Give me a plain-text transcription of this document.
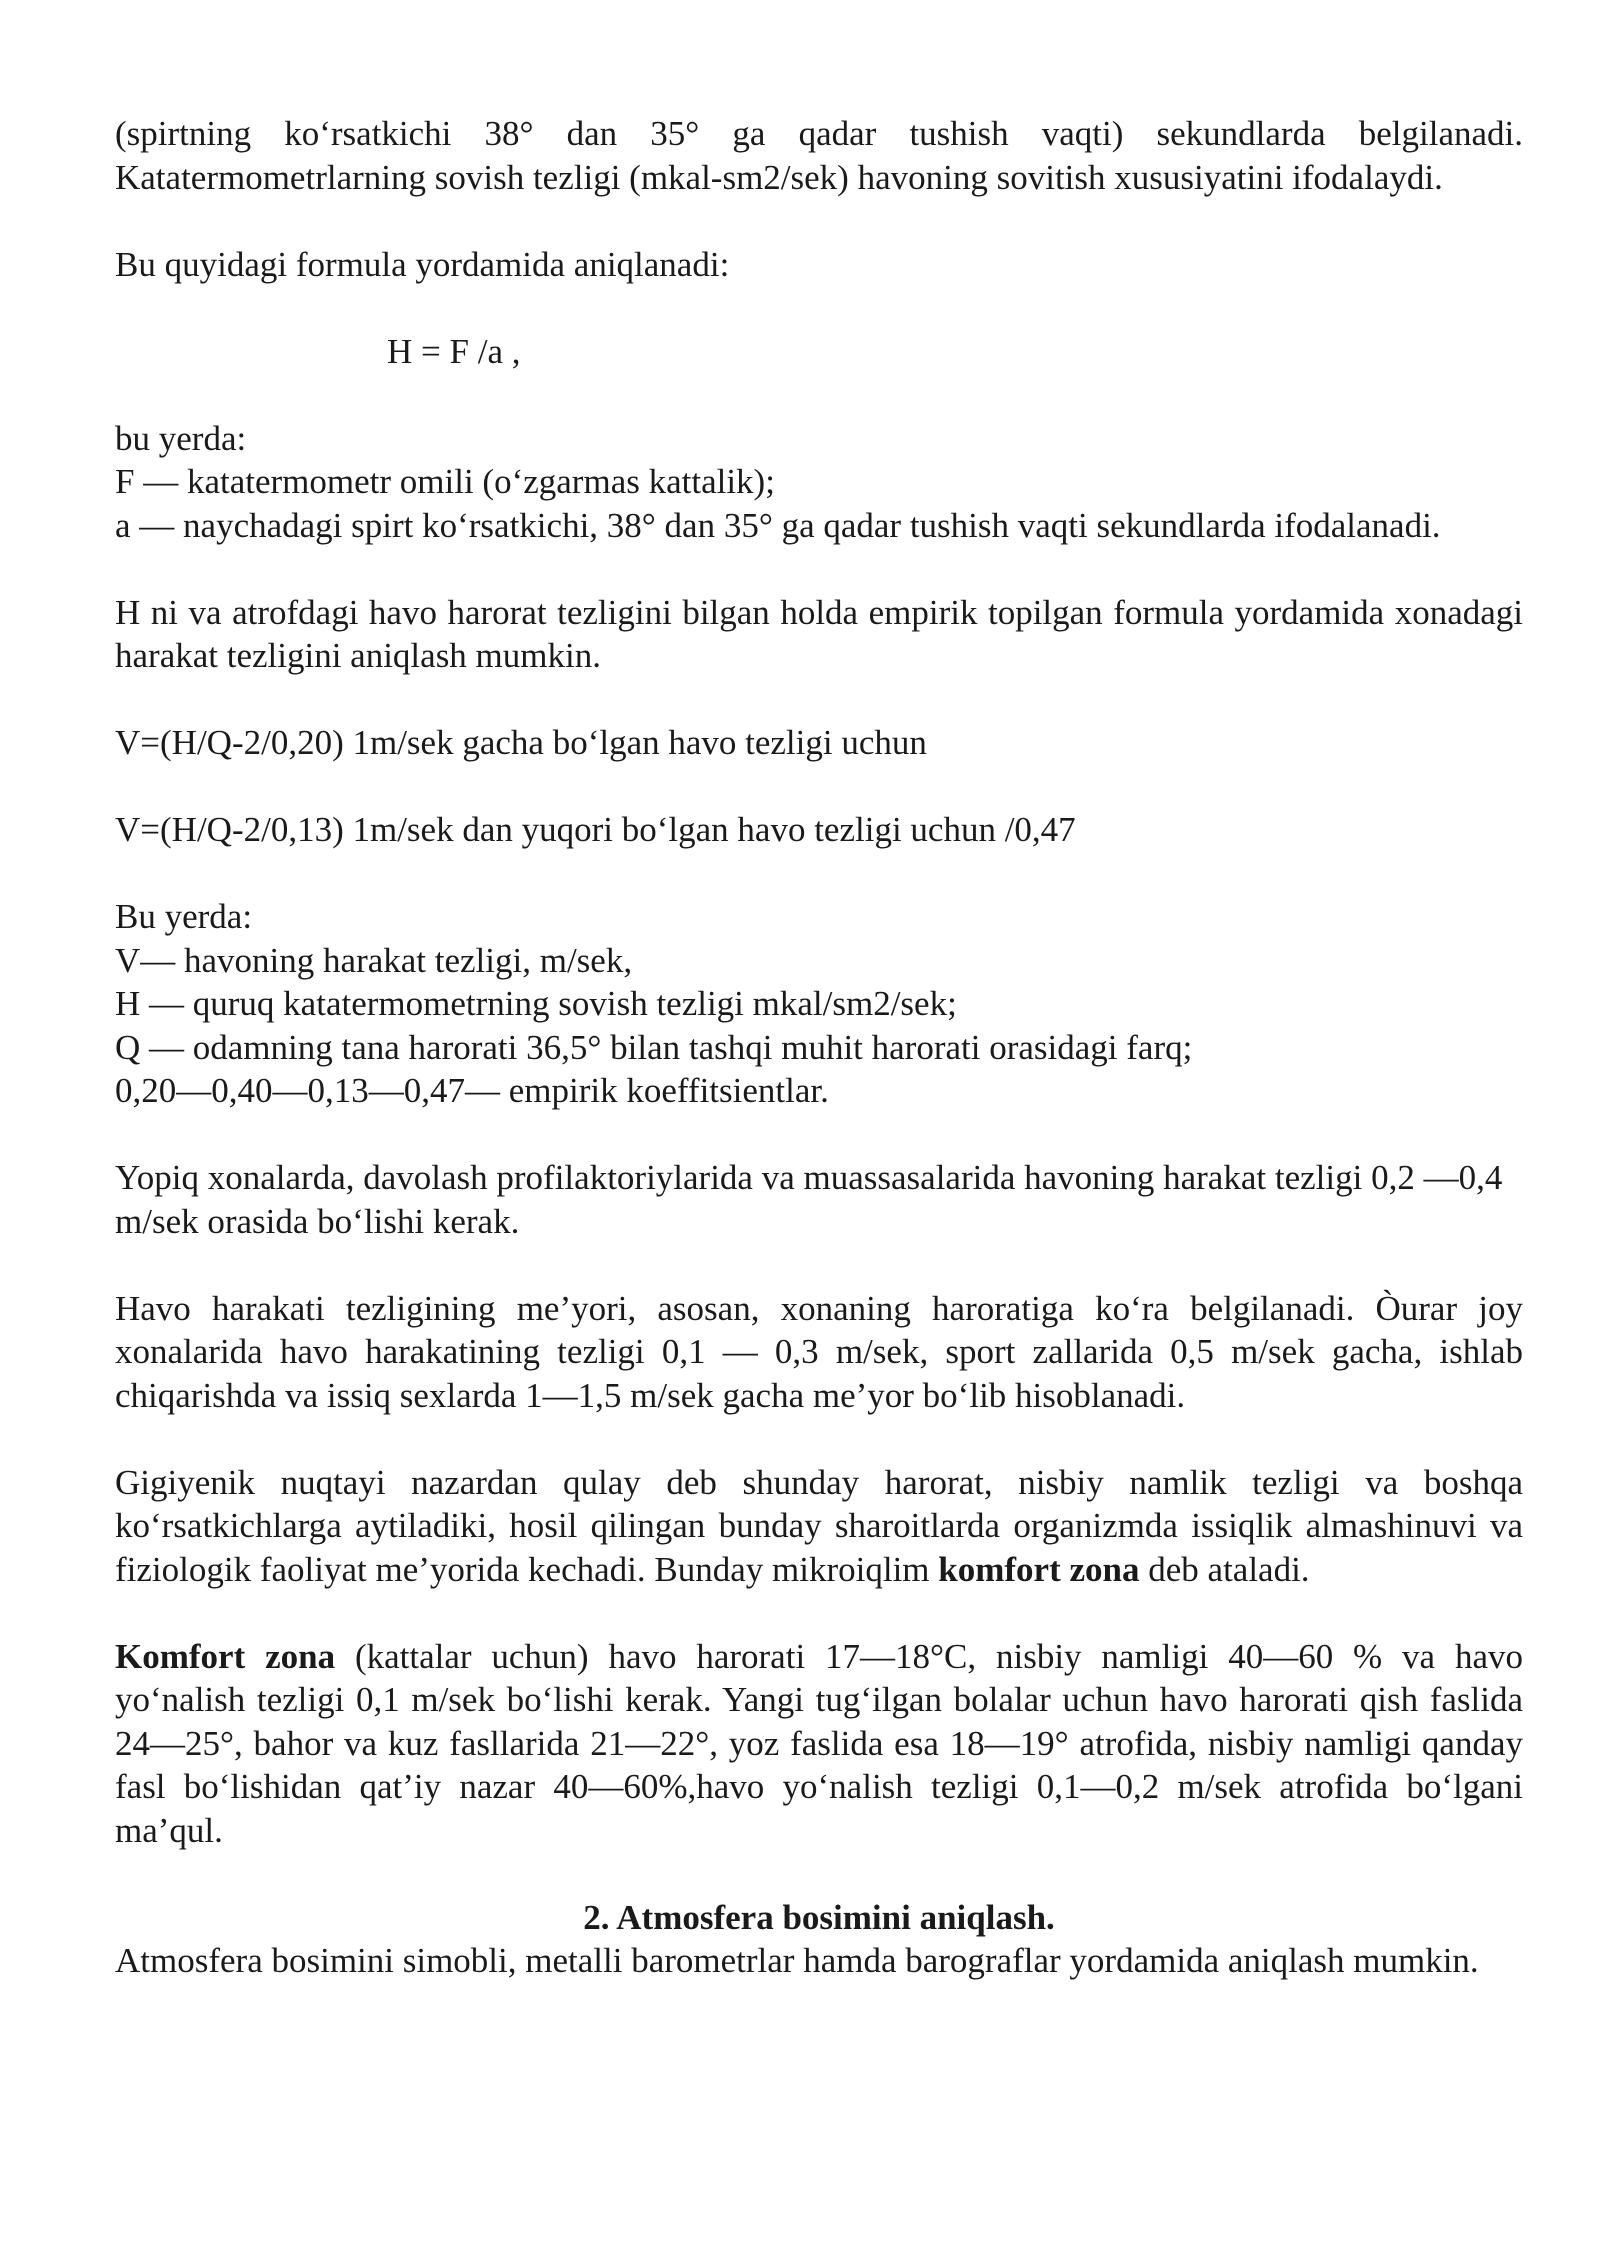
(spirtning ko‘rsatkichi 38° dan 35° ga qadar tushish vaqti) sekundlarda belgilanadi. Katatermometrlarning sovish tezligi (mkal-sm2/sek) havoning sovitish xususiyatini ifodalaydi.

Bu quyidagi formula yordamida aniqlanadi:

H = F /a ,

bu yerda:

F — katatermometr omili (o‘zgarmas kattalik);

a — naychadagi spirt ko‘rsatkichi, 38° dan 35° ga qadar tushish vaqti sekundlarda ifodalanadi.

H ni va atrofdagi havo harorat tezligini bilgan holda empirik topilgan formula yordamida xonadagi harakat tezligini aniqlash mumkin.

V=(H/Q-2/0,20) 1m/sek gacha bo‘lgan havo tezligi uchun

V=(H/Q-2/0,13) 1m/sek dan yuqori bo‘lgan havo tezligi uchun /0,47

Bu yerda:

V— havoning harakat tezligi, m/sek,

H — quruq katatermometrning sovish tezligi mkal/sm2/sek;

Q — odamning tana harorati 36,5° bilan tashqi muhit harorati orasidagi farq;

0,20—0,40—0,13—0,47— empirik koeffitsientlar.

Yopiq xonalarda, davolash profilaktoriylarida va muassasalarida havoning harakat tezligi 0,2 —0,4 m/sek orasida bo‘lishi kerak.

Havo harakati tezligining me’yori, asosan, xonaning haroratiga ko‘ra belgilanadi. Òurar joy xonalarida havo harakatining tezligi 0,1 — 0,3 m/sek, sport zallarida 0,5 m/sek gacha, ishlab chiqarishda va issiq sexlarda 1—1,5 m/sek gacha me’yor bo‘lib hisoblanadi.

Gigiyenik nuqtayi nazardan qulay deb shunday harorat, nisbiy namlik tezligi va boshqa ko‘rsatkichlarga aytiladiki, hosil qilingan bunday sharoitlarda organizmda issiqlik almashinuvi va fiziologik faoliyat me’yorida kechadi. Bunday mikroiqlim komfort zona deb ataladi.

Komfort zona (kattalar uchun) havo harorati 17—18°C, nisbiy namligi 40—60 % va havo yo‘nalish tezligi 0,1 m/sek bo‘lishi kerak. Yangi tug‘ilgan bolalar uchun havo harorati qish faslida 24—25°, bahor va kuz fasllarida 21—22°, yoz faslida esa 18—19° atrofida, nisbiy namligi qanday fasl bo‘lishidan qat’iy nazar 40—60%,havo yo‘nalish tezligi 0,1—0,2 m/sek atrofida bo‘lgani ma’qul.

2. Atmosfera bosimini aniqlash.

Atmosfera bosimini simobli, metalli barometrlar hamda barograflar yordamida aniqlash mumkin.
